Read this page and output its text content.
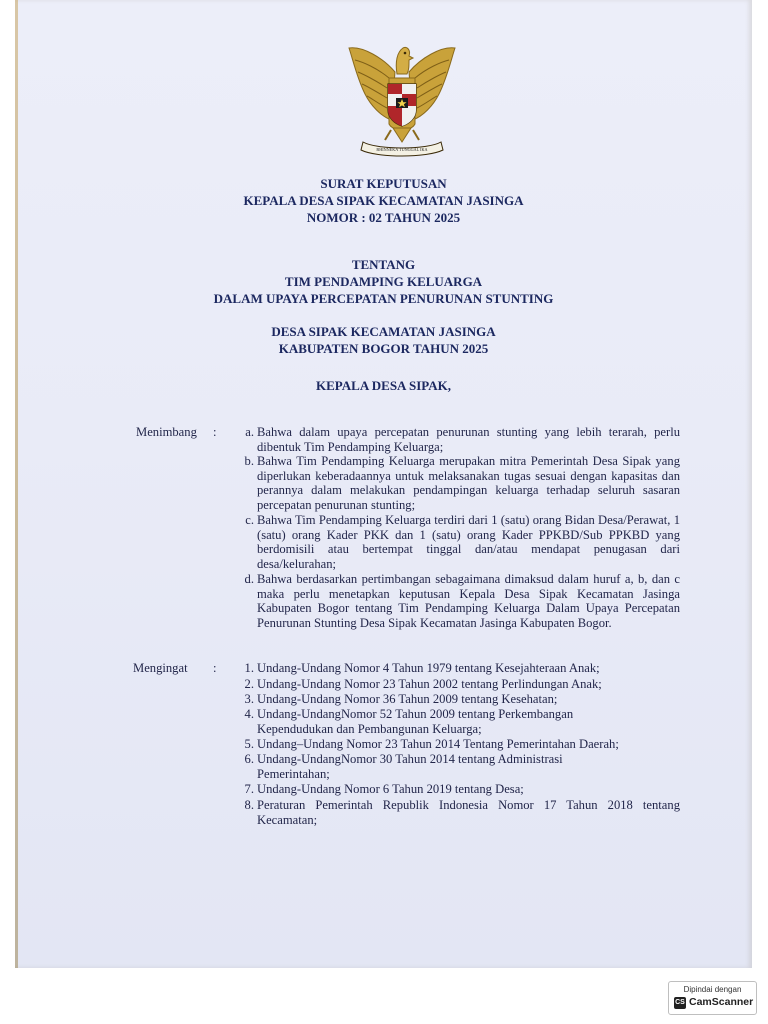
BHINNEKA TUNGGAL IKA
SURAT KEPUTUSAN
KEPALA DESA SIPAK KECAMATAN JASINGA
NOMOR : 02 TAHUN 2025
TENTANG
TIM PENDAMPING KELUARGA
DALAM UPAYA PERCEPATAN PENURUNAN STUNTING
DESA SIPAK KECAMATAN JASINGA
KABUPATEN BOGOR TAHUN 2025
KEPALA DESA SIPAK,
Menimbang :	a. Bahwa dalam upaya percepatan penurunan stunting yang lebih terarah, perlu dibentuk Tim Pendamping Keluarga;
b. Bahwa Tim Pendamping Keluarga merupakan mitra Pemerintah Desa Sipak yang diperlukan keberadaannya untuk melaksanakan tugas sesuai dengan kapasitas dan perannya dalam melakukan pendampingan keluarga terhadap seluruh sasaran percepatan penurunan stunting;
c. Bahwa Tim Pendamping Keluarga terdiri dari 1 (satu) orang Bidan Desa/Perawat, 1 (satu) orang Kader PKK dan 1 (satu) orang Kader PPKBD/Sub PPKBD yang berdomisili atau bertempat tinggal dan/atau mendapat penugasan dari desa/kelurahan;
d. Bahwa berdasarkan pertimbangan sebagaimana dimaksud dalam huruf a, b, dan c maka perlu menetapkan keputusan Kepala Desa Sipak Kecamatan Jasinga Kabupaten Bogor tentang Tim Pendamping Keluarga Dalam Upaya Percepatan Penurunan Stunting Desa Sipak Kecamatan Jasinga Kabupaten Bogor.
Mengingat :	1. Undang-Undang Nomor 4 Tahun 1979 tentang Kesejahteraan Anak;
2. Undang-Undang Nomor 23 Tahun 2002 tentang Perlindungan Anak;
3. Undang-Undang Nomor 36 Tahun 2009 tentang Kesehatan;
4. Undang-UndangNomor 52 Tahun 2009 tentang Perkembangan Kependudukan dan Pembangunan Keluarga;
5. Undang–Undang Nomor 23 Tahun 2014 Tentang Pemerintahan Daerah;
6. Undang-UndangNomor 30 Tahun 2014 tentang Administrasi Pemerintahan;
7. Undang-Undang Nomor 6 Tahun 2019 tentang Desa;
8. Peraturan Pemerintah Republik Indonesia Nomor 17 Tahun 2018 tentang Kecamatan;
Dipindai dengan
CS CamScanner
